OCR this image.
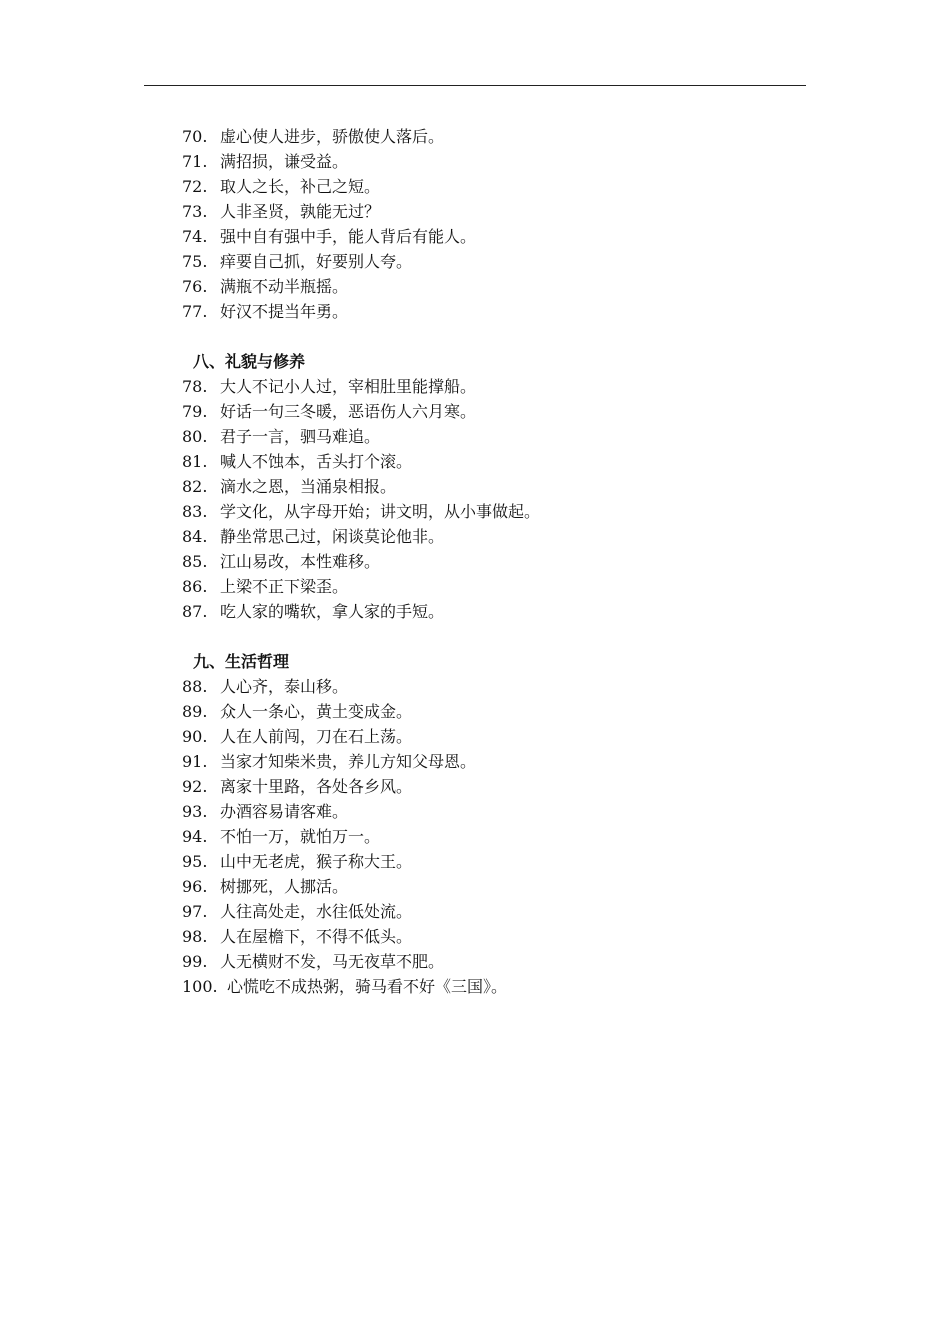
70. 虚心使人进步，骄傲使人落后。
71. 满招损，谦受益。
72. 取人之长，补己之短。
73. 人非圣贤，孰能无过？
74. 强中自有强中手，能人背后有能人。
75. 痒要自己抓，好要别人夸。
76. 满瓶不动半瓶摇。
77. 好汉不提当年勇。
八、礼貌与修养
78. 大人不记小人过，宰相肚里能撑船。
79. 好话一句三冬暖，恶语伤人六月寒。
80. 君子一言，驷马难追。
81. 喊人不蚀本，舌头打个滚。
82. 滴水之恩，当涌泉相报。
83. 学文化，从字母开始；讲文明，从小事做起。
84. 静坐常思己过，闲谈莫论他非。
85. 江山易改，本性难移。
86. 上梁不正下梁歪。
87. 吃人家的嘴软，拿人家的手短。
九、生活哲理
88. 人心齐，泰山移。
89. 众人一条心，黄土变成金。
90. 人在人前闯，刀在石上荡。
91. 当家才知柴米贵，养儿方知父母恩。
92. 离家十里路，各处各乡风。
93. 办酒容易请客难。
94. 不怕一万，就怕万一。
95. 山中无老虎，猴子称大王。
96. 树挪死，人挪活。
97. 人往高处走，水往低处流。
98. 人在屋檐下，不得不低头。
99. 人无横财不发，马无夜草不肥。
100. 心慌吃不成热粥，骑马看不好《三国》。
